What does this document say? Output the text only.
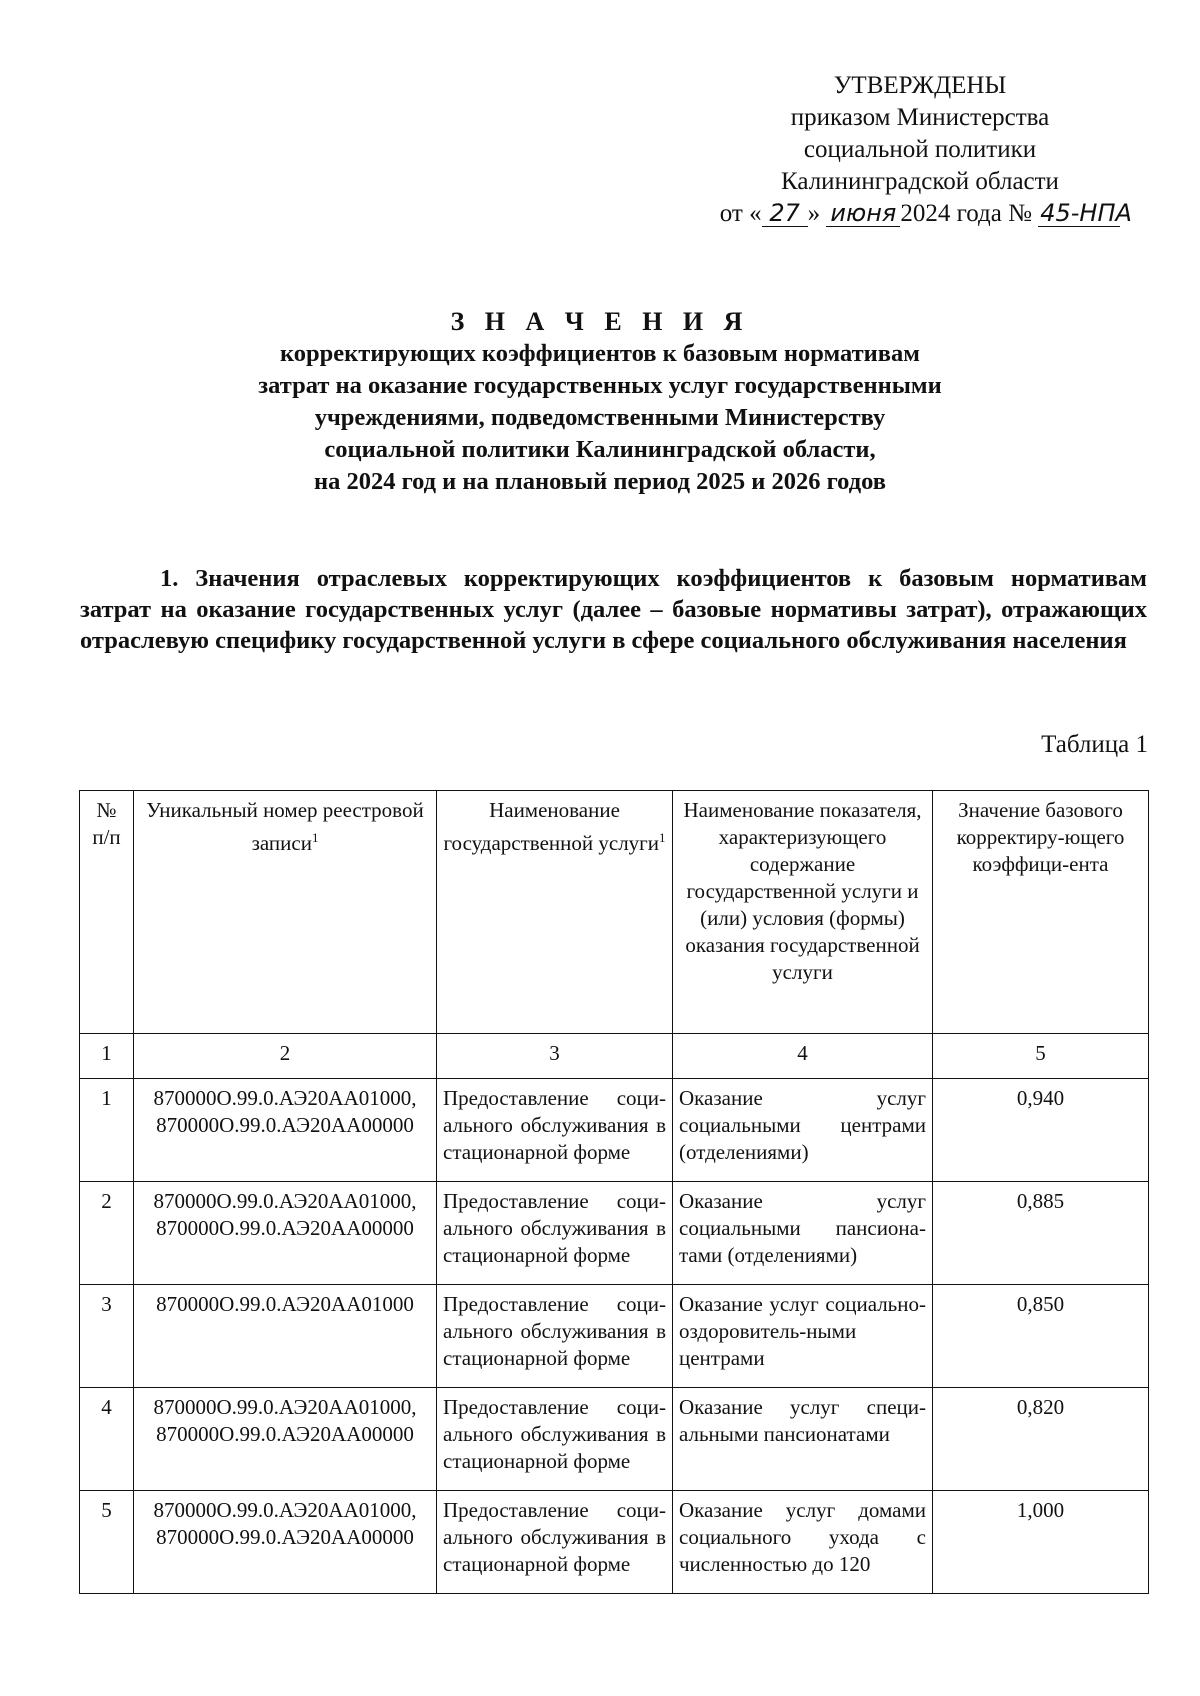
УТВЕРЖДЕНЫ
приказом Министерства
социальной политики
Калининградской области
от « 27 » июня 2024 года № 45-НПА
З Н А Ч Е Н И Я
корректирующих коэффициентов к базовым нормативам
затрат на оказание государственных услуг государственными
учреждениями, подведомственными Министерству
социальной политики Калининградской области,
на 2024 год и на плановый период 2025 и 2026 годов
1. Значения отраслевых корректирующих коэффициентов к базовым нормативам затрат на оказание государственных услуг (далее – базовые нормативы затрат), отражающих отраслевую специфику государственной услуги в сфере социального обслуживания населения
Таблица 1
№ п/п	Уникальный номер реестровой записи$^1$	Наименование государственной услуги$^1$	Наименование показателя, характеризующего содержание государственной услуги и (или) условия (формы) оказания государственной услуги	Значение базового корректиру-ющего коэффици-ента
1	2	3	4	5
1	870000О.99.0.АЭ20АА01000, 870000О.99.0.АЭ20АА00000	Предоставление соци-ального обслуживания в стационарной форме	Оказание услуг социальными центрами (отделениями)	0,940
2	870000О.99.0.АЭ20АА01000, 870000О.99.0.АЭ20АА00000	Предоставление соци-ального обслуживания в стационарной форме	Оказание услуг социальными пансиона-тами (отделениями)	0,885
3	870000О.99.0.АЭ20АА01000	Предоставление соци-ального обслуживания в стационарной форме	Оказание услуг социально-оздоровитель-ными центрами	0,850
4	870000О.99.0.АЭ20АА01000, 870000О.99.0.АЭ20АА00000	Предоставление соци-ального обслуживания в стационарной форме	Оказание услуг специ-альными пансионатами	0,820
5	870000О.99.0.АЭ20АА01000, 870000О.99.0.АЭ20АА00000	Предоставление соци-ального обслуживания в стационарной форме	Оказание услуг домами социального ухода с численностью до 120	1,000
